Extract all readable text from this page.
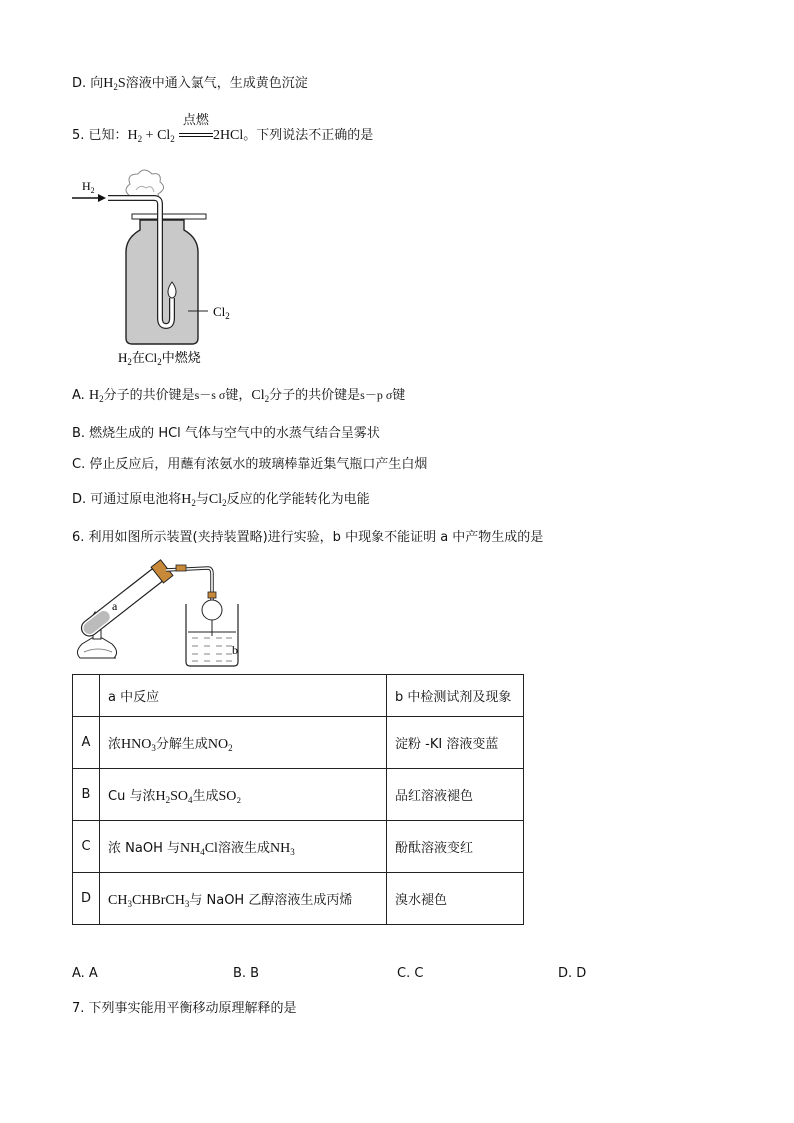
D. 向$H_2S$溶液中通入氯气，生成黄色沉淀
5. 已知：$H_2 + Cl_2$
点燃
2HCl。下列说法不正确的是
$Cl_2$
$H_2$
$H_2$在$Cl_2$中燃烧
A. $H_2$分子的共价键是s－s σ键，$Cl_2$分子的共价键是s－p σ键
B. 燃烧生成的 HCl 气体与空气中的水蒸气结合呈雾状
C. 停止反应后，用蘸有浓氨水的玻璃棒靠近集气瓶口产生白烟
D. 可通过原电池将$H_2$与$Cl_2$反应的化学能转化为电能
6. 利用如图所示装置(夹持装置略)进行实验，b 中现象不能证明 a 中产物生成的是
a
b
	a 中反应	b 中检测试剂及现象
A	浓$HNO_3$分解生成$NO_2$	淀粉 -KI 溶液变蓝
B	Cu 与浓$H_2SO_4$生成SO₂	品红溶液褪色
C	浓 NaOH 与$NH_4Cl$溶液生成$NH_3$	酚酞溶液变红
D	$CH_3CHBrCH_3$与 NaOH 乙醇溶液生成丙烯	溴水褪色
A. A	B. B	C. C	D. D
7. 下列事实能用平衡移动原理解释的是
